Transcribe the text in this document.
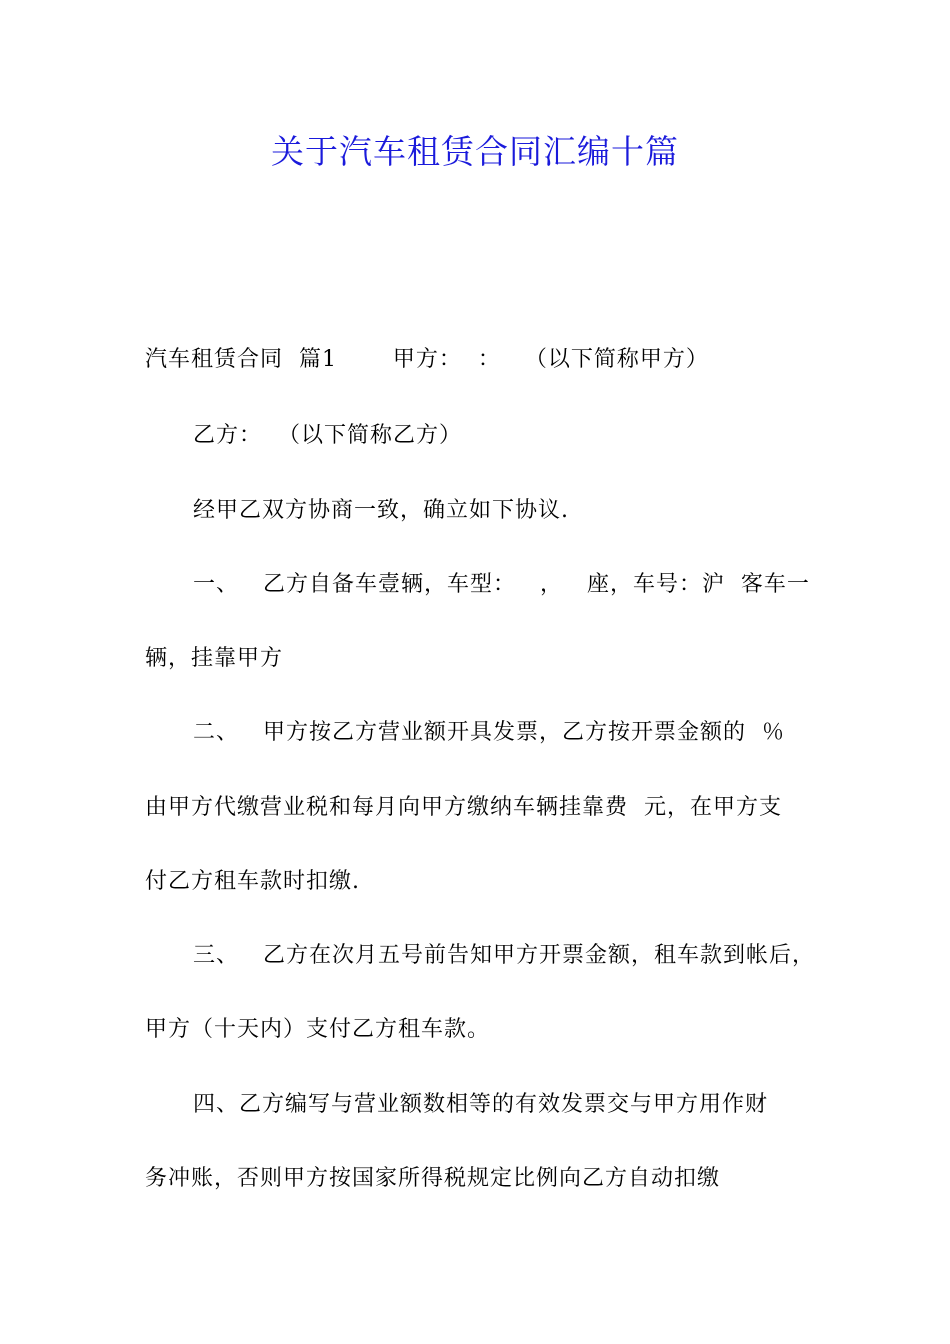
关于汽车租赁合同汇编十篇
汽车租赁合同  篇1       甲方：  ：   （以下简称甲方）
乙方：  （以下简称乙方）
经甲乙双方协商一致，确立如下协议.
一、   乙方自备车壹辆，车型：   ，   座，车号：沪  客车一
辆，挂靠甲方
二、   甲方按乙方营业额开具发票，乙方按开票金额的  ％
由甲方代缴营业税和每月向甲方缴纳车辆挂靠费  元，在甲方支
付乙方租车款时扣缴.
三、   乙方在次月五号前告知甲方开票金额，租车款到帐后，
甲方（十天内）支付乙方租车款。
四、乙方编写与营业额数相等的有效发票交与甲方用作财
务冲账，否则甲方按国家所得税规定比例向乙方自动扣缴
